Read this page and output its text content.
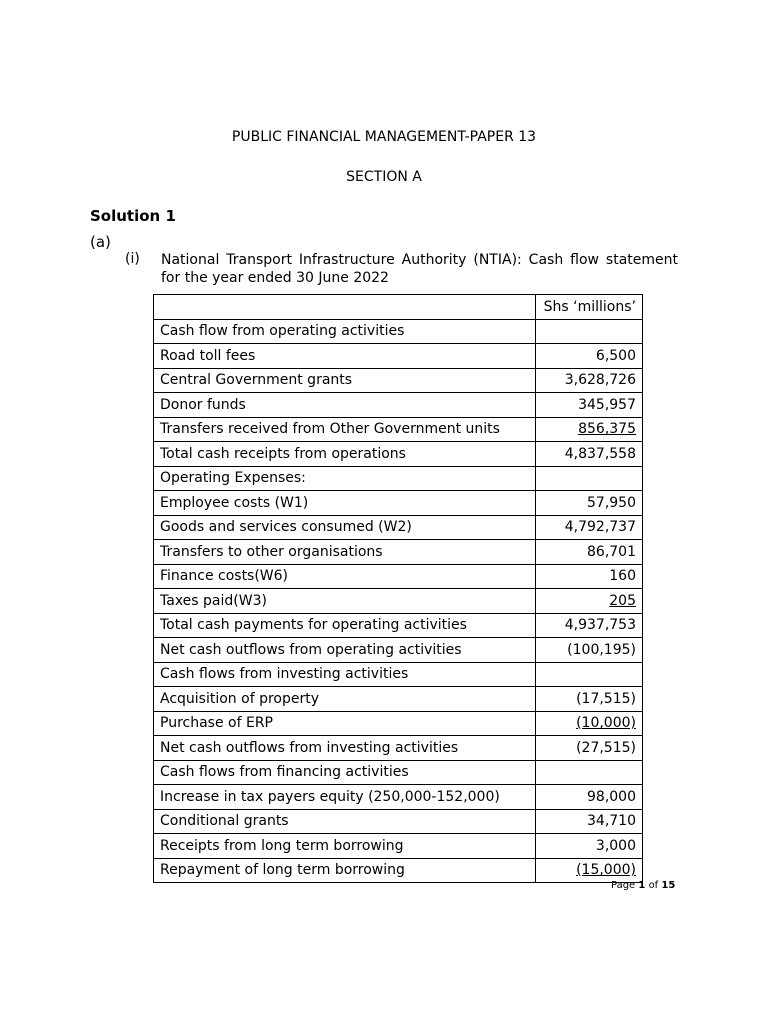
PUBLIC FINANCIAL MANAGEMENT-PAPER 13
SECTION A
Solution 1
(a)
(i) National Transport Infrastructure Authority (NTIA): Cash flow statement for the year ended 30 June 2022
	Shs ‘millions’
Cash flow from operating activities	
Road toll fees	6,500
Central Government grants	3,628,726
Donor funds	345,957
Transfers received from Other Government units	856,375
Total cash receipts from operations	4,837,558
Operating Expenses:	
Employee costs (W1)	57,950
Goods and services consumed (W2)	4,792,737
Transfers to other organisations	86,701
Finance costs(W6)	160
Taxes paid(W3)	205
Total cash payments for operating activities	4,937,753
Net cash outflows from operating activities	(100,195)
Cash flows from investing activities	
Acquisition of property	(17,515)
Purchase of ERP	(10,000)
Net cash outflows from investing activities	(27,515)
Cash flows from financing activities	
Increase in tax payers equity (250,000-152,000)	98,000
Conditional grants	34,710
Receipts from long term borrowing	3,000
Repayment of long term borrowing	(15,000)
Page 1 of 15
